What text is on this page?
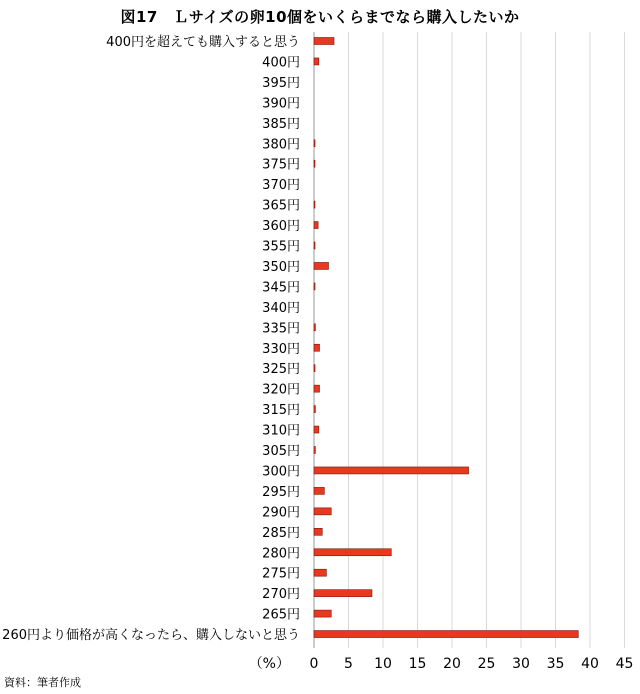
図17　Ｌサイズの卵10個をいくらまでなら購入したいか
400円を超えても購入すると思う
400円
395円
390円
385円
380円
375円
370円
365円
360円
355円
350円
345円
340円
335円
330円
325円
320円
315円
310円
305円
300円
295円
290円
285円
280円
275円
270円
265円
260円より価格が高くなったら、購入しないと思う
0 5 10 15 20 25 30 35 40 45
（%）
資料：筆者作成
